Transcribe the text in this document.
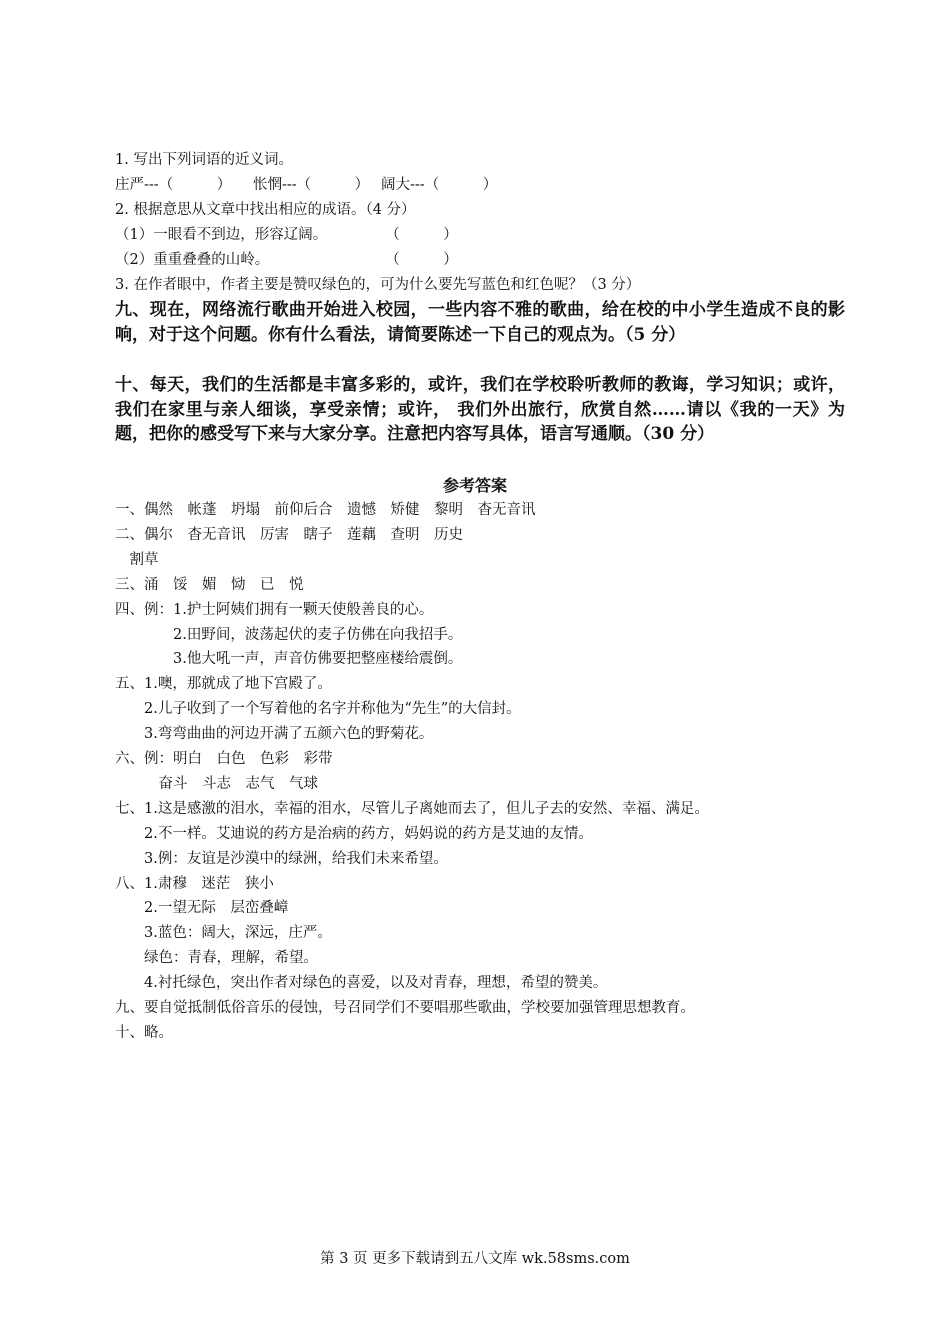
1. 写出下列词语的近义词。
庄严---（　　　）　　怅惘---（　　　）　 阔大---（　　　）
2. 根据意思从文章中找出相应的成语。（4 分）
（1）一眼看不到边，形容辽阔。　　　　　（　　　）
（2）重重叠叠的山岭。　　　　　　　　　（　　　）
3. 在作者眼中，作者主要是赞叹绿色的，可为什么要先写蓝色和红色呢？（3 分）
九、现在，网络流行歌曲开始进入校园，一些内容不雅的歌曲，给在校的中小学生造成不良的影响，对于这个问题。你有什么看法，请简要陈述一下自己的观点为。（5 分）
十、每天，我们的生活都是丰富多彩的，或许，我们在学校聆听教师的教诲，学习知识；或许，我们在家里与亲人细谈，享受亲情；或许， 我们外出旅行，欣赏自然……请以《我的一天》为题，把你的感受写下来与大家分享。注意把内容写具体，语言写通顺。（30 分）
参考答案
一、偶然　帐蓬　坍塌　前仰后合　遗憾　矫健　黎明　杳无音讯
二、偶尔　杳无音讯　厉害　瞎子　莲藕　查明　历史
　割草
三、涌　馁　媚　恸　已　悦
四、例：1.护士阿姨们拥有一颗天使般善良的心。
　　　　2.田野间，波荡起伏的麦子仿佛在向我招手。
　　　　3.他大吼一声，声音仿佛要把整座楼给震倒。
五、1.噢，那就成了地下宫殿了。
　　2.儿子收到了一个写着他的名字并称他为“先生”的大信封。
　　3.弯弯曲曲的河边开满了五颜六色的野菊花。
六、例：明白　白色　色彩　彩带
　　　奋斗　斗志　志气　气球
七、1.这是感激的泪水，幸福的泪水，尽管儿子离她而去了，但儿子去的安然、幸福、满足。
　　2.不一样。艾迪说的药方是治病的药方，妈妈说的药方是艾迪的友情。
　　3.例：友谊是沙漠中的绿洲，给我们未来希望。
八、1.肃穆　迷茫　狭小
　　2.一望无际　层峦叠嶂
　　3.蓝色：阔大，深远，庄严。
　　绿色：青春，理解，希望。
　　4.衬托绿色，突出作者对绿色的喜爱，以及对青春，理想，希望的赞美。
九、要自觉抵制低俗音乐的侵蚀，号召同学们不要唱那些歌曲，学校要加强管理思想教育。
十、略。
第 3 页 更多下载请到五八文库 wk.58sms.com
